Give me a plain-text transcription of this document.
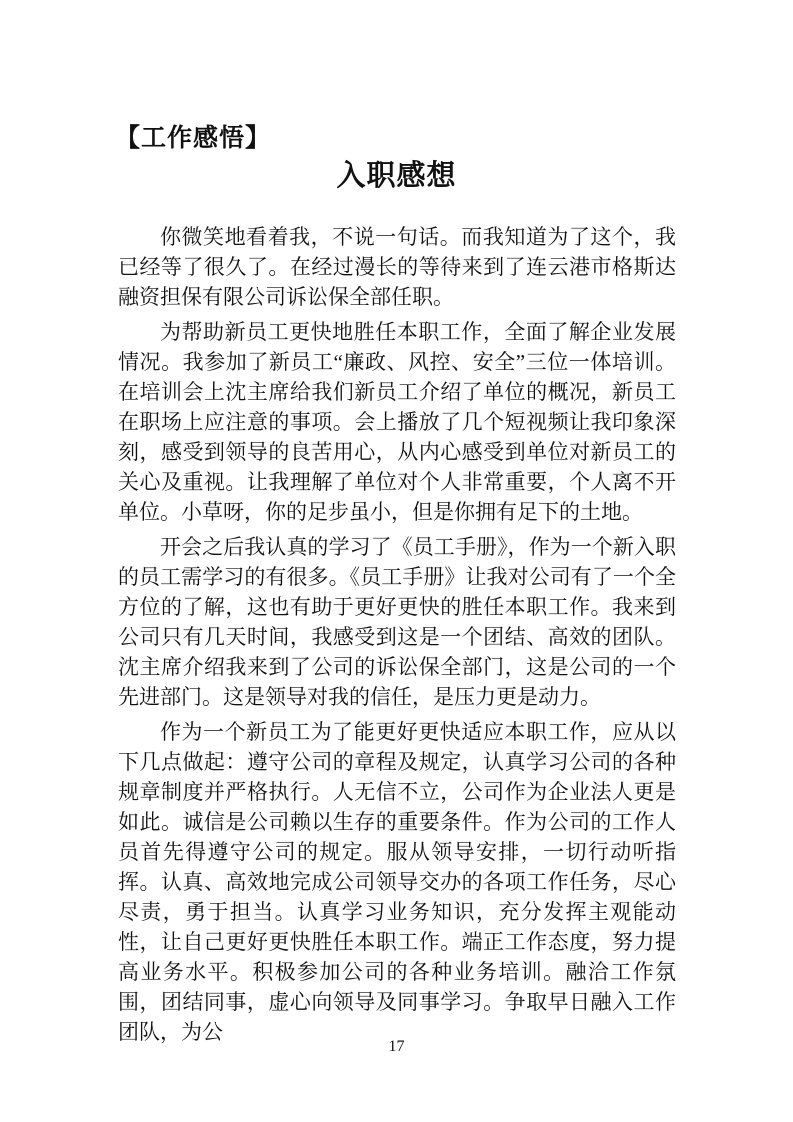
【工作感悟】
入职感想

你微笑地看着我，不说一句话。而我知道为了这个，我已经等了很久了。在经过漫长的等待来到了连云港市格斯达融资担保有限公司诉讼保全部任职。

为帮助新员工更快地胜任本职工作，全面了解企业发展情况。我参加了新员工“廉政、风控、安全”三位一体培训。在培训会上沈主席给我们新员工介绍了单位的概况，新员工在职场上应注意的事项。会上播放了几个短视频让我印象深刻，感受到领导的良苦用心，从内心感受到单位对新员工的关心及重视。让我理解了单位对个人非常重要，个人离不开单位。小草呀，你的足步虽小，但是你拥有足下的土地。

开会之后我认真的学习了《员工手册》，作为一个新入职的员工需学习的有很多。《员工手册》让我对公司有了一个全方位的了解，这也有助于更好更快的胜任本职工作。我来到公司只有几天时间，我感受到这是一个团结、高效的团队。沈主席介绍我来到了公司的诉讼保全部门，这是公司的一个先进部门。这是领导对我的信任，是压力更是动力。

作为一个新员工为了能更好更快适应本职工作，应从以下几点做起：遵守公司的章程及规定，认真学习公司的各种规章制度并严格执行。人无信不立，公司作为企业法人更是如此。诚信是公司赖以生存的重要条件。作为公司的工作人员首先得遵守公司的规定。服从领导安排，一切行动听指挥。认真、高效地完成公司领导交办的各项工作任务，尽心尽责，勇于担当。认真学习业务知识，充分发挥主观能动性，让自己更好更快胜任本职工作。端正工作态度，努力提高业务水平。积极参加公司的各种业务培训。融洽工作氛围，团结同事，虚心向领导及同事学习。争取早日融入工作团队，为公

17
